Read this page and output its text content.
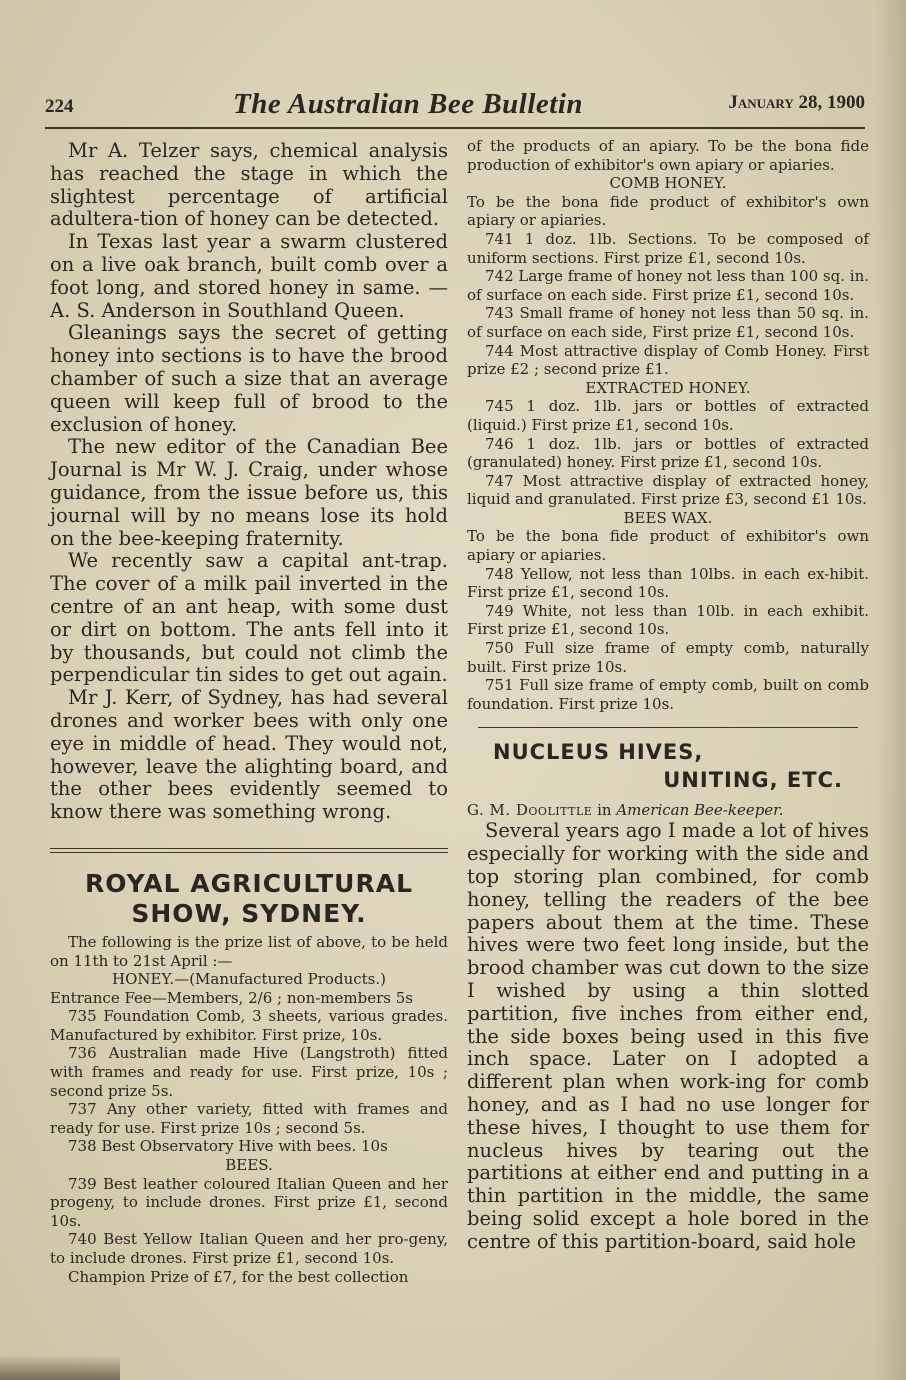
224	The Australian Bee Bulletin	January 28, 1900

Mr A. Telzer says, chemical analysis has reached the stage in which the slightest percentage of artificial adultera-tion of honey can be detected.

In Texas last year a swarm clustered on a live oak branch, built comb over a foot long, and stored honey in same. —A. S. Anderson in Southland Queen.

Gleanings says the secret of getting honey into sections is to have the brood chamber of such a size that an average queen will keep full of brood to the exclusion of honey.

The new editor of the Canadian Bee Journal is Mr W. J. Craig, under whose guidance, from the issue before us, this journal will by no means lose its hold on the bee-keeping fraternity.

We recently saw a capital ant-trap. The cover of a milk pail inverted in the centre of an ant heap, with some dust or dirt on bottom. The ants fell into it by thousands, but could not climb the perpendicular tin sides to get out again.

Mr J. Kerr, of Sydney, has had several drones and worker bees with only one eye in middle of head. They would not, however, leave the alighting board, and the other bees evidently seemed to know there was something wrong.

ROYAL AGRICULTURAL
SHOW, SYDNEY.

The following is the prize list of above, to be held on 11th to 21st April :—

HONEY.—(Manufactured Products.)

Entrance Fee—Members, 2/6 ; non-members 5s

735 Foundation Comb, 3 sheets, various grades. Manufactured by exhibitor. First prize, 10s.

736 Australian made Hive (Langstroth) fitted with frames and ready for use. First prize, 10s ; second prize 5s.

737 Any other variety, fitted with frames and ready for use. First prize 10s ; second 5s.

738 Best Observatory Hive with bees. 10s

BEES.

739 Best leather coloured Italian Queen and her progeny, to include drones. First prize £1, second 10s.

740 Best Yellow Italian Queen and her pro-geny, to include drones. First prize £1, second 10s.

Champion Prize of £7, for the best collection

of the products of an apiary. To be the bona fide production of exhibitor's own apiary or apiaries.

COMB HONEY.

To be the bona fide product of exhibitor's own apiary or apiaries.

741 1 doz. 1lb. Sections. To be composed of uniform sections. First prize £1, second 10s.

742 Large frame of honey not less than 100 sq. in. of surface on each side. First prize £1, second 10s.

743 Small frame of honey not less than 50 sq. in. of surface on each side, First prize £1, second 10s.

744 Most attractive display of Comb Honey. First prize £2 ; second prize £1.

EXTRACTED HONEY.

745 1 doz. 1lb. jars or bottles of extracted (liquid.) First prize £1, second 10s.

746 1 doz. 1lb. jars or bottles of extracted (granulated) honey. First prize £1, second 10s.

747 Most attractive display of extracted honey, liquid and granulated. First prize £3, second £1 10s.

BEES WAX.

To be the bona fide product of exhibitor's own apiary or apiaries.

748 Yellow, not less than 10lbs. in each ex-hibit. First prize £1, second 10s.

749 White, not less than 10lb. in each exhibit. First prize £1, second 10s.

750 Full size frame of empty comb, naturally built. First prize 10s.

751 Full size frame of empty comb, built on comb foundation. First prize 10s.

NUCLEUS HIVES,
UNITING, ETC.
G. M. Doolittle in American Bee-keeper.

Several years ago I made a lot of hives especially for working with the side and top storing plan combined, for comb honey, telling the readers of the bee papers about them at the time. These hives were two feet long inside, but the brood chamber was cut down to the size I wished by using a thin slotted partition, five inches from either end, the side boxes being used in this five inch space. Later on I adopted a different plan when work-ing for comb honey, and as I had no use longer for these hives, I thought to use them for nucleus hives by tearing out the partitions at either end and putting in a thin partition in the middle, the same being solid except a hole bored in the centre of this partition-board, said hole
